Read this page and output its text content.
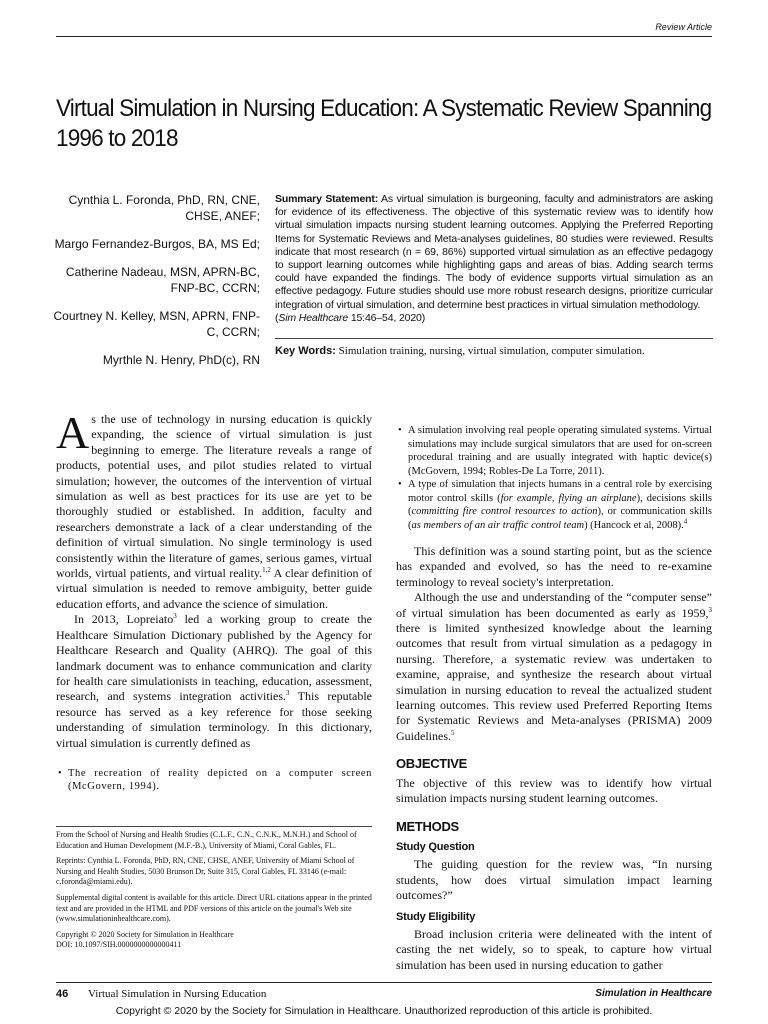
Review Article
Virtual Simulation in Nursing Education: A Systematic Review Spanning 1996 to 2018
Cynthia L. Foronda, PhD, RN, CNE, CHSE, ANEF;
Margo Fernandez-Burgos, BA, MS Ed;
Catherine Nadeau, MSN, APRN-BC, FNP-BC, CCRN;
Courtney N. Kelley, MSN, APRN, FNP-C, CCRN;
Myrthle N. Henry, PhD(c), RN
Summary Statement: As virtual simulation is burgeoning, faculty and administrators are asking for evidence of its effectiveness. The objective of this systematic review was to identify how virtual simulation impacts nursing student learning outcomes. Applying the Preferred Reporting Items for Systematic Reviews and Meta-analyses guidelines, 80 studies were reviewed. Results indicate that most research (n = 69, 86%) supported virtual simulation as an effective pedagogy to support learning outcomes while highlighting gaps and areas of bias. Adding search terms could have expanded the findings. The body of evidence supports virtual simulation as an effective pedagogy. Future studies should use more robust research designs, prioritize curricular integration of virtual simulation, and determine best practices in virtual simulation methodology.
(Sim Healthcare 15:46–54, 2020)
Key Words: Simulation training, nursing, virtual simulation, computer simulation.

As the use of technology in nursing education is quickly expanding, the science of virtual simulation is just beginning to emerge. The literature reveals a range of products, potential uses, and pilot studies related to virtual simulation; however, the outcomes of the intervention of virtual simulation as well as best practices for its use are yet to be thoroughly studied or established. In addition, faculty and researchers demonstrate a lack of a clear understanding of the definition of virtual simulation. No single terminology is used consistently within the literature of games, serious games, virtual worlds, virtual patients, and virtual reality.$^{1,2}$ A clear definition of virtual simulation is needed to remove ambiguity, better guide education efforts, and advance the science of simulation.

In 2013, Lopreiato$^3$ led a working group to create the Healthcare Simulation Dictionary published by the Agency for Healthcare Research and Quality (AHRQ). The goal of this landmark document was to enhance communication and clarity for health care simulationists in teaching, education, assessment, research, and systems integration activities.$^3$ This reputable resource has served as a key reference for those seeking understanding of simulation terminology. In this dictionary, virtual simulation is currently defined as

• The recreation of reality depicted on a computer screen (McGovern, 1994).

From the School of Nursing and Health Studies (C.L.F., C.N., C.N.K., M.N.H.) and School of Education and Human Development (M.F.-B.), University of Miami, Coral Gables, FL.

Reprints: Cynthia L. Foronda, PhD, RN, CNE, CHSE, ANEF, University of Miami School of Nursing and Health Studies, 5030 Brunson Dr, Suite 315, Coral Gables, FL 33146 (e-mail: c.foronda@miami.edu).

Supplemental digital content is available for this article. Direct URL citations appear in the printed text and are provided in the HTML and PDF versions of this article on the journal's Web site (www.simulationinhealthcare.com).

Copyright © 2020 Society for Simulation in Healthcare

DOI: 10.1097/SIH.0000000000000411

• A simulation involving real people operating simulated systems. Virtual simulations may include surgical simulators that are used for on-screen procedural training and are usually integrated with haptic device(s) (McGovern, 1994; Robles-De La Torre, 2011).
• A type of simulation that injects humans in a central role by exercising motor control skills (for example, flying an airplane), decisions skills (committing fire control resources to action), or communication skills (as members of an air traffic control team) (Hancock et al, 2008).$^4$

This definition was a sound starting point, but as the science has expanded and evolved, so has the need to re-examine terminology to reveal society's interpretation.

Although the use and understanding of the “computer sense” of virtual simulation has been documented as early as 1959,$^3$ there is limited synthesized knowledge about the learning outcomes that result from virtual simulation as a pedagogy in nursing. Therefore, a systematic review was undertaken to examine, appraise, and synthesize the research about virtual simulation in nursing education to reveal the actualized student learning outcomes. This review used Preferred Reporting Items for Systematic Reviews and Meta-analyses (PRISMA) 2009 Guidelines.$^5$

OBJECTIVE

The objective of this review was to identify how virtual simulation impacts nursing student learning outcomes.

METHODS
Study Question

The guiding question for the review was, “In nursing students, how does virtual simulation impact learning outcomes?”

Study Eligibility

Broad inclusion criteria were delineated with the intent of casting the net widely, so to speak, to capture how virtual simulation has been used in nursing education to gather

46 Virtual Simulation in Nursing Education	Simulation in Healthcare
Copyright © 2020 by the Society for Simulation in Healthcare. Unauthorized reproduction of this article is prohibited.
